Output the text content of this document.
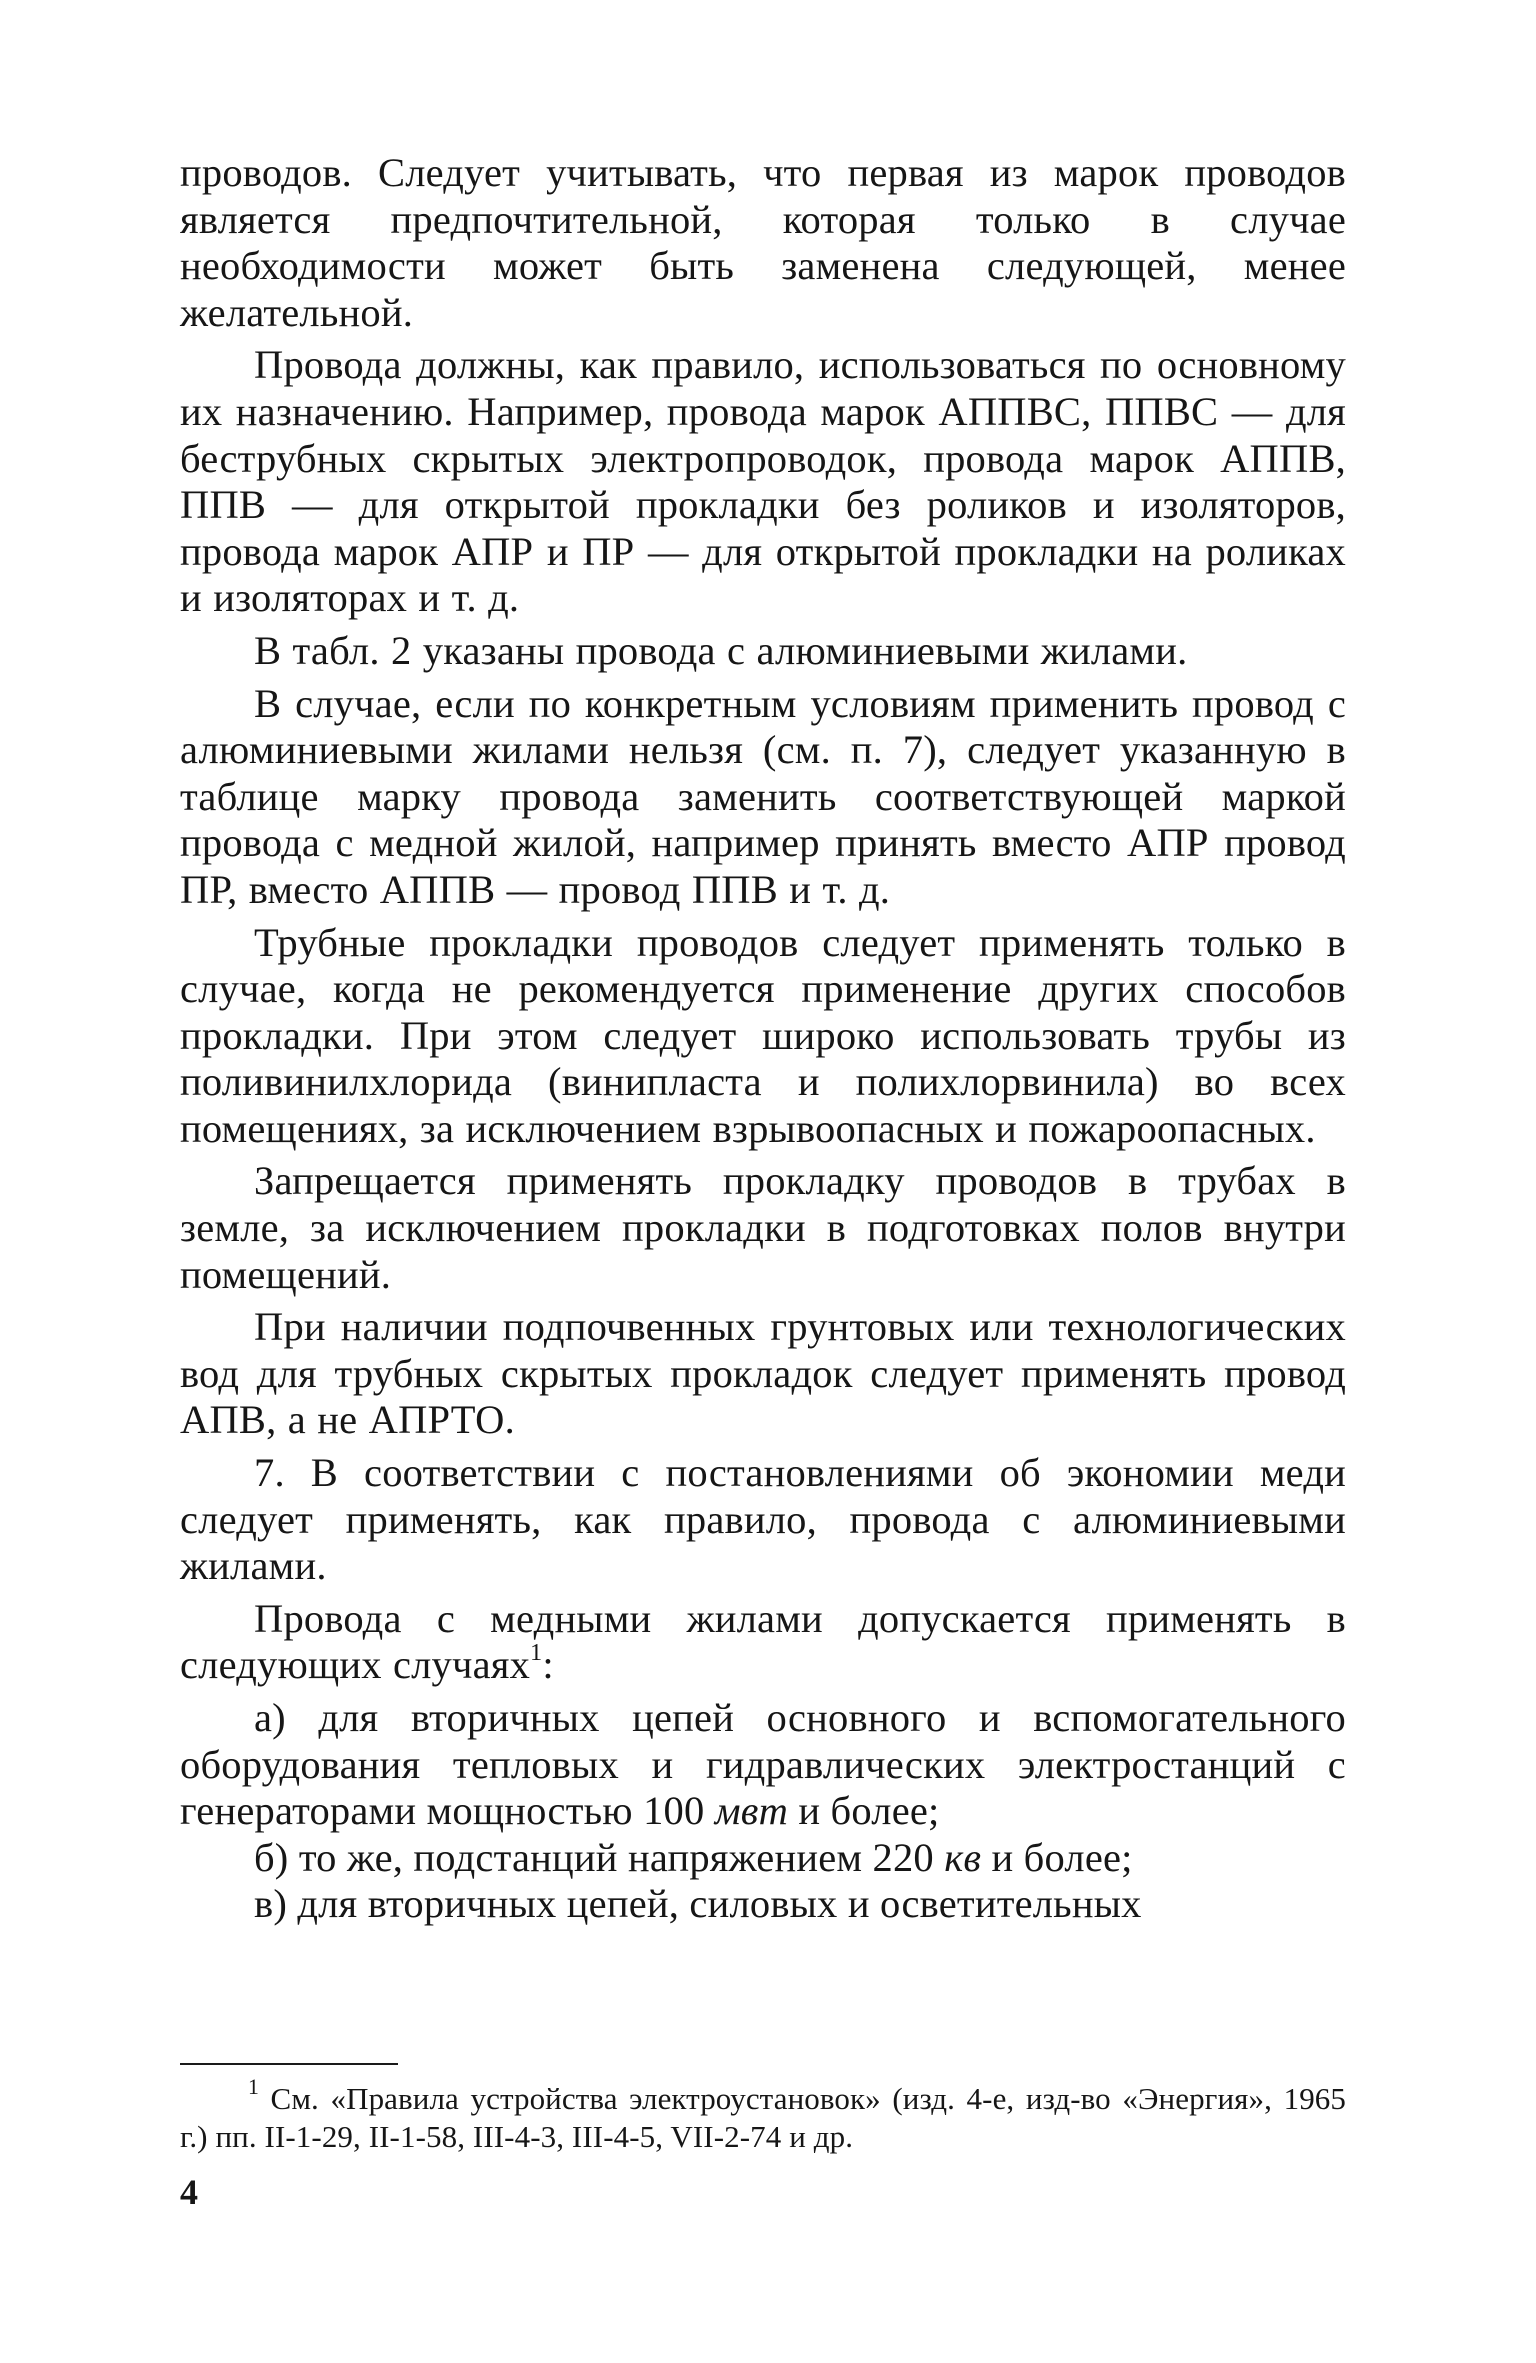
проводов. Следует учитывать, что первая из марок проводов является предпочтительной, которая только в случае необходимости может быть заменена следующей, менее желательной.

Провода должны, как правило, использоваться по основному их назначению. Например, провода марок АППВС, ППВС — для беструбных скрытых электропроводок, провода марок АППВ, ППВ — для открытой прокладки без роликов и изоляторов, провода марок АПР и ПР — для открытой прокладки на роликах и изоляторах и т. д.

В табл. 2 указаны провода с алюминиевыми жилами.

В случае, если по конкретным условиям применить провод с алюминиевыми жилами нельзя (см. п. 7), следует указанную в таблице марку провода заменить соответствующей маркой провода с медной жилой, например принять вместо АПР провод ПР, вместо АППВ — провод ППВ и т. д.

Трубные прокладки проводов следует применять только в случае, когда не рекомендуется применение других способов прокладки. При этом следует широко использовать трубы из поливинилхлорида (винипласта и полихлорвинила) во всех помещениях, за исключением взрывоопасных и пожароопасных.

Запрещается применять прокладку проводов в трубах в земле, за исключением прокладки в подготовках полов внутри помещений.

При наличии подпочвенных грунтовых или технологических вод для трубных скрытых прокладок следует применять провод АПВ, а не АПРТО.

7. В соответствии с постановлениями об экономии меди следует применять, как правило, провода с алюминиевыми жилами.

Провода с медными жилами допускается применять в следующих случаях$^1$:

а) для вторичных цепей основного и вспомогательного оборудования тепловых и гидравлических электростанций с генераторами мощностью 100 мвт и более;

б) то же, подстанций напряжением 220 кв и более;

в) для вторичных цепей, силовых и осветительных

$^1$ См. «Правила устройства электроустановок» (изд. 4-е, изд-во «Энергия», 1965 г.) пп. II-1-29, II-1-58, III-4-3, III-4-5, VII-2-74 и др.
4
